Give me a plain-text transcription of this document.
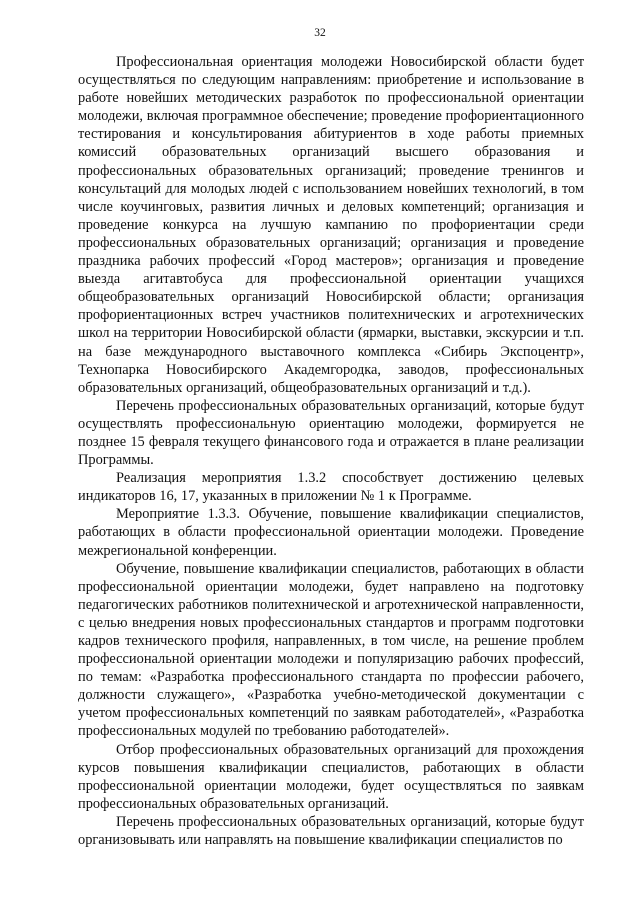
32

Профессиональная ориентация молодежи Новосибирской области будет осуществляться по следующим направлениям: приобретение и использование в работе новейших методических разработок по профессиональной ориентации молодежи, включая программное обеспечение; проведение профориентационного тестирования и консультирования абитуриентов в ходе работы приемных комиссий образовательных организаций высшего образования и профессиональных образовательных организаций; проведение тренингов и консультаций для молодых людей с использованием новейших технологий, в том числе коучинговых, развития личных и деловых компетенций; организация и проведение конкурса на лучшую кампанию по профориентации среди профессиональных образовательных организаций; организация и проведение праздника рабочих профессий «Город мастеров»; организация и проведение выезда агитавтобуса для профессиональной ориентации учащихся общеобразовательных организаций Новосибирской области; организация профориентационных встреч участников политехнических и агротехнических школ на территории Новосибирской области (ярмарки, выставки, экскурсии и т.п. на базе международного выставочного комплекса «Сибирь Экспоцентр», Технопарка Новосибирского Академгородка, заводов, профессиональных образовательных организаций, общеобразовательных организаций и т.д.).

Перечень профессиональных образовательных организаций, которые будут осуществлять профессиональную ориентацию молодежи, формируется не позднее 15 февраля текущего финансового года и отражается в плане реализации Программы.

Реализация мероприятия 1.3.2 способствует достижению целевых индикаторов 16, 17, указанных в приложении № 1 к Программе.

Мероприятие 1.3.3. Обучение, повышение квалификации специалистов, работающих в области профессиональной ориентации молодежи. Проведение межрегиональной конференции.

Обучение, повышение квалификации специалистов, работающих в области профессиональной ориентации молодежи, будет направлено на подготовку педагогических работников политехнической и агротехнической направленности, с целью внедрения новых профессиональных стандартов и программ подготовки кадров технического профиля, направленных, в том числе, на решение проблем профессиональной ориентации молодежи и популяризацию рабочих профессий, по темам: «Разработка профессионального стандарта по профессии рабочего, должности служащего», «Разработка учебно-методической документации с учетом профессиональных компетенций по заявкам работодателей», «Разработка профессиональных модулей по требованию работодателей».

Отбор профессиональных образовательных организаций для прохождения курсов повышения квалификации специалистов, работающих в области профессиональной ориентации молодежи, будет осуществляться по заявкам профессиональных образовательных организаций.

Перечень профессиональных образовательных организаций, которые будут организовывать или направлять на повышение квалификации специалистов по
